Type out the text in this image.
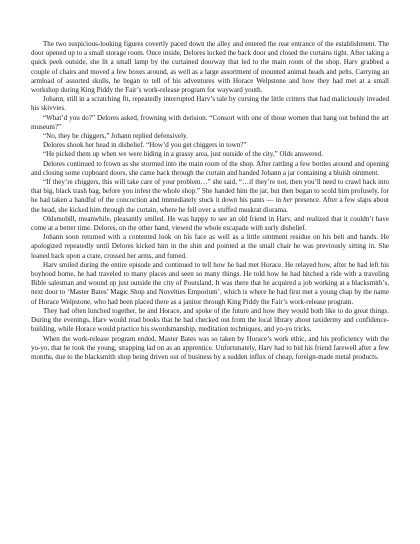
The two suspicious-looking figures covertly paced down the alley and entered the rear entrance of the establishment. The door opened up to a small storage room. Once inside, Delores locked the back door and closed the curtains tight. After taking a quick peek outside, she lit a small lamp by the curtained doorway that led to the main room of the shop. Harv grabbed a couple of chairs and moved a few boxes around, as well as a large assortment of mounted animal heads and pelts. Carrying an armload of assorted skulls, he began to tell of his adventures with Horace Welpstone and how they had met at a small workshop during King Piddy the Fair’s work-release program for wayward youth.

Johann, still in a scratching fit, repeatedly interrupted Harv’s tale by cursing the little critters that had maliciously invaded his skivvies.

“What’d you do?” Delores asked, frowning with derision. “Consort with one of those women that hang out behind the art museum?”

“No, they be chiggers,” Johann replied defensively.

Delores shook her head in disbelief. “How’d you get chiggers in town?”

“He picked them up when we were hiding in a grassy area, just outside of the city,” Olds answered.

Delores continued to frown as she stormed into the main room of the shop. After rattling a few bottles around and opening and closing some cupboard doors, she came back through the curtain and handed Johann a jar containing a bluish ointment.

“If they’re chiggers, this will take care of your problem…” she said, “…if they’re not, then you’ll need to crawl back into that big, black trash bag, before you infest the whole shop.” She handed him the jar, but then began to scold him profusely, for he had taken a handful of the concoction and immediately stuck it down his pants — in her presence. After a few slaps about the head, she kicked him through the curtain, where he fell over a stuffed muskrat diorama.

Oldsmobill, meanwhile, pleasantly smiled. He was happy to see an old friend in Harv, and realized that it couldn’t have come at a better time. Delores, on the other hand, viewed the whole escapade with surly disbelief.

Johann soon returned with a contented look on his face as well as a little ointment residue on his belt and hands. He apologized repeatedly until Delores kicked him in the shin and pointed at the small chair he was previously sitting in. She leaned back upon a crate, crossed her arms, and fumed.

Harv smiled during the entire episode and continued to tell how he had met Horace. He relayed how, after he had left his boyhood home, he had traveled to many places and seen so many things. He told how he had hitched a ride with a traveling Bible salesman and wound up just outside the city of Poutsland. It was there that he acquired a job working at a blacksmith’s, next door to ‘Master Bates’ Magic Shop and Novelties Emporium’, which is where he had first met a young chap by the name of Horace Welpstone, who had been placed there as a janitor through King Piddy the Fair’s work-release program.

They had often lunched together, he and Horace, and spoke of the future and how they would both like to do great things. During the evenings, Harv would read books that he had checked out from the local library about taxidermy and confidence-building, while Horace would practice his swordsmanship, meditation techniques, and yo-yo tricks.

When the work-release program ended, Master Bates was so taken by Horace’s work ethic, and his proficiency with the yo-yo, that he took the young, strapping lad on as an apprentice. Unfortunately, Harv had to bid his friend farewell after a few months, due to the blacksmith shop being driven out of business by a sudden influx of cheap, foreign-made metal products.
